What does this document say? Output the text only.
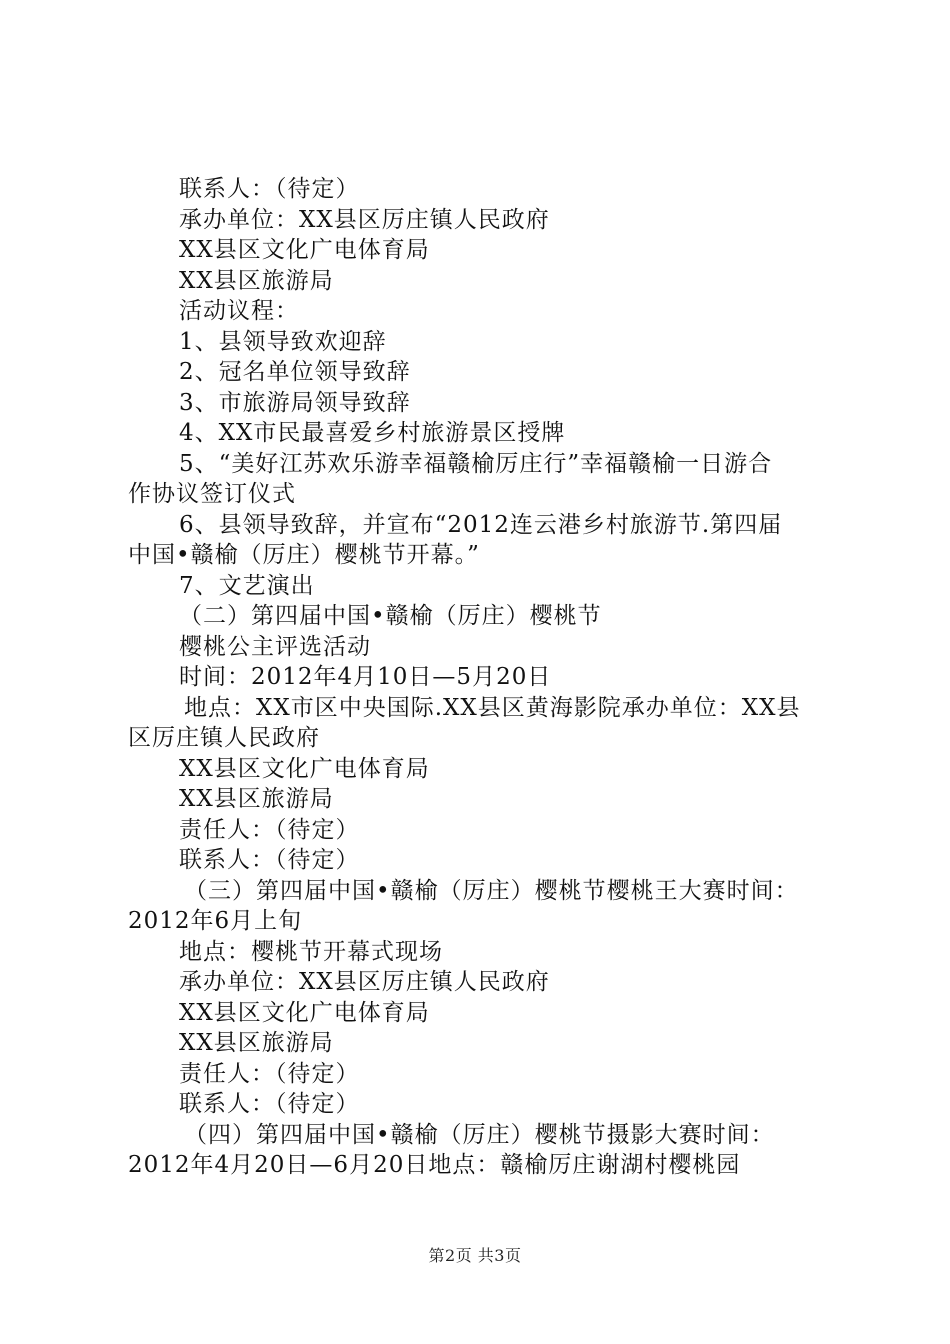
联系人：（待定）
承办单位：XX县区厉庄镇人民政府
XX县区文化广电体育局
XX县区旅游局
活动议程：
1、县领导致欢迎辞
2、冠名单位领导致辞
3、市旅游局领导致辞
4、XX市民最喜爱乡村旅游景区授牌
5、“美好江苏欢乐游幸福赣榆厉庄行”幸福赣榆一日游合
作协议签订仪式
6、县领导致辞，并宣布“2012连云港乡村旅游节.第四届
中国•赣榆（厉庄）樱桃节开幕。”
7、文艺演出
（二）第四届中国•赣榆（厉庄）樱桃节
樱桃公主评选活动
时间：2012年4月10日—5月20日
地点：XX市区中央国际.XX县区黄海影院承办单位：XX县
区厉庄镇人民政府
XX县区文化广电体育局
XX县区旅游局
责任人：（待定）
联系人：（待定）
（三）第四届中国•赣榆（厉庄）樱桃节樱桃王大赛时间：
2012年6月上旬
地点：樱桃节开幕式现场
承办单位：XX县区厉庄镇人民政府
XX县区文化广电体育局
XX县区旅游局
责任人：（待定）
联系人：（待定）
（四）第四届中国•赣榆（厉庄）樱桃节摄影大赛时间：
2012年4月20日—6月20日地点：赣榆厉庄谢湖村樱桃园
第2页 共3页
